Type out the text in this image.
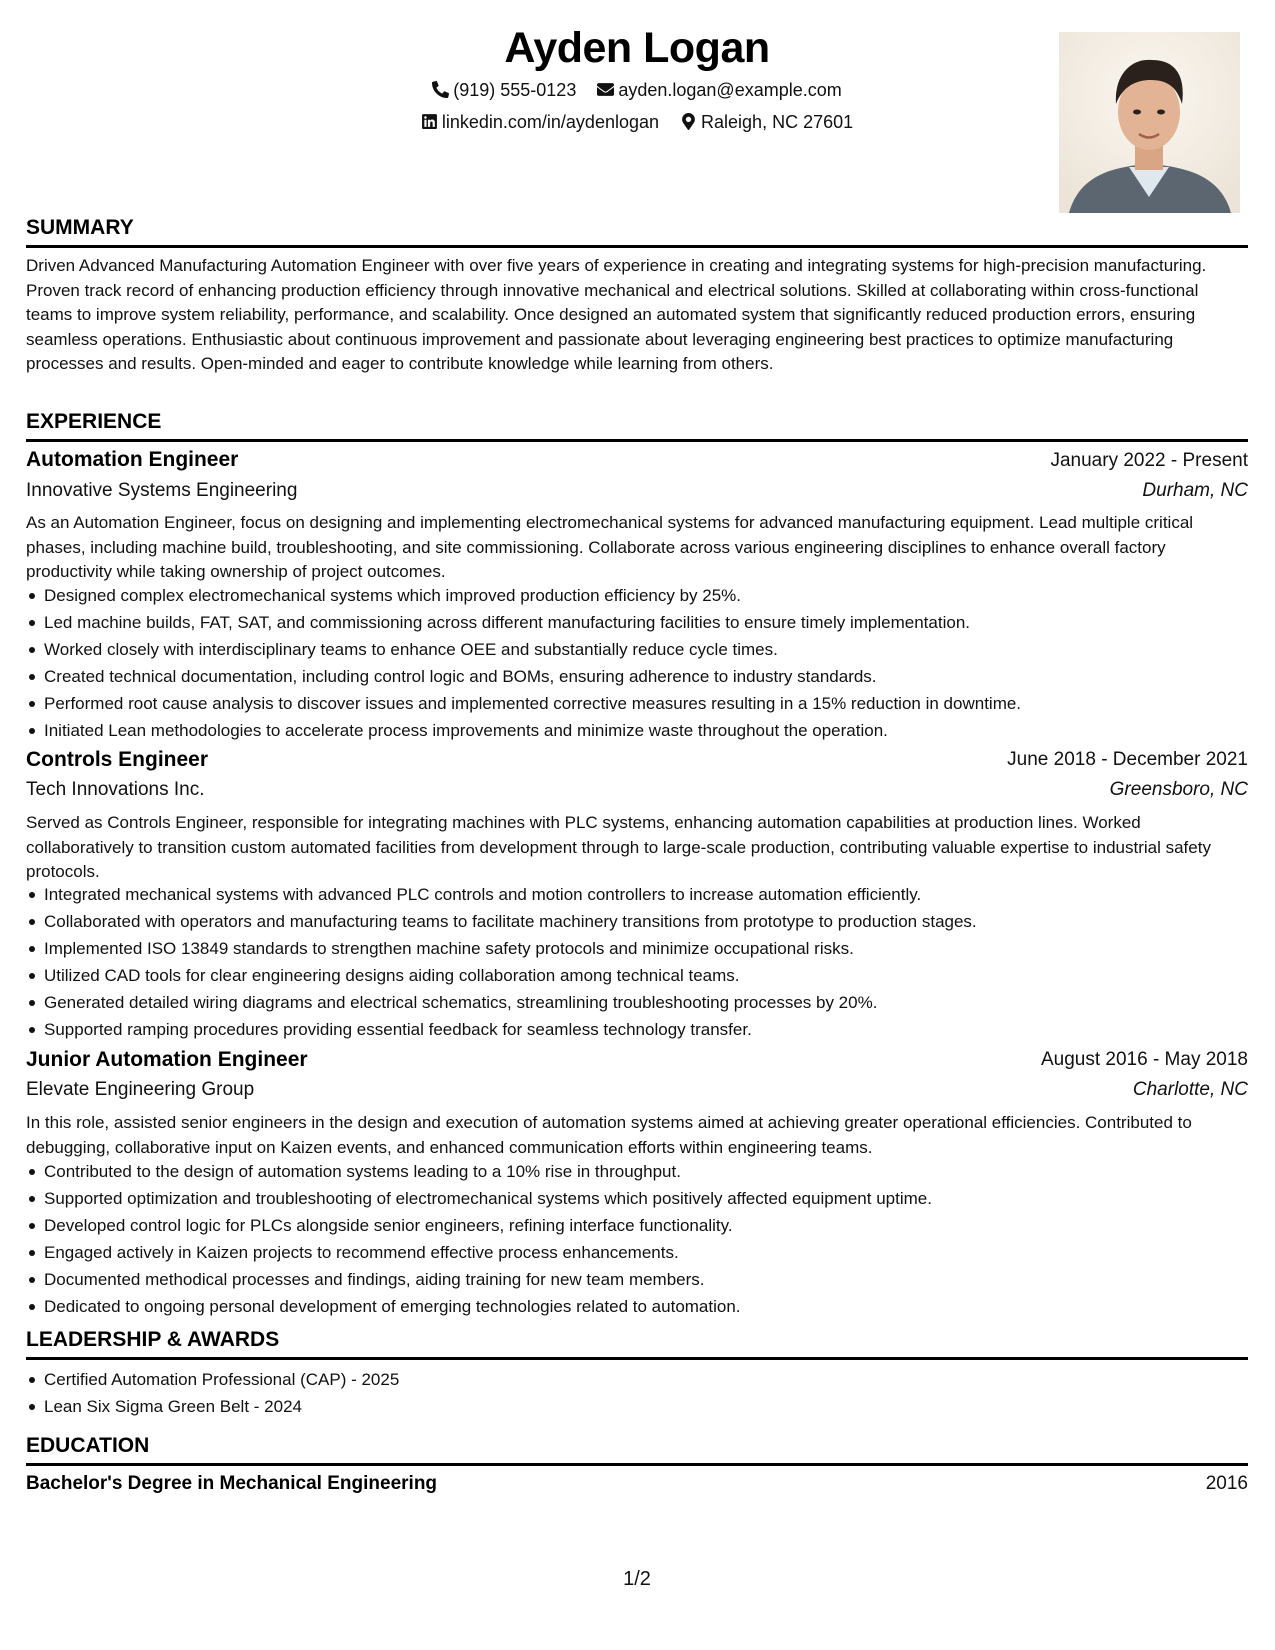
Ayden Logan
(919) 555-0123 ayden.logan@example.com
linkedin.com/in/aydenlogan Raleigh, NC 27601
SUMMARY
Driven Advanced Manufacturing Automation Engineer with over five years of experience in creating and integrating systems for high-precision manufacturing. Proven track record of enhancing production efficiency through innovative mechanical and electrical solutions. Skilled at collaborating within cross-functional teams to improve system reliability, performance, and scalability. Once designed an automated system that significantly reduced production errors, ensuring seamless operations. Enthusiastic about continuous improvement and passionate about leveraging engineering best practices to optimize manufacturing processes and results. Open-minded and eager to contribute knowledge while learning from others.
EXPERIENCE
Automation Engineer	January 2022 - Present
Innovative Systems Engineering	Durham, NC
As an Automation Engineer, focus on designing and implementing electromechanical systems for advanced manufacturing equipment. Lead multiple critical phases, including machine build, troubleshooting, and site commissioning. Collaborate across various engineering disciplines to enhance overall factory productivity while taking ownership of project outcomes.
Designed complex electromechanical systems which improved production efficiency by 25%.
Led machine builds, FAT, SAT, and commissioning across different manufacturing facilities to ensure timely implementation.
Worked closely with interdisciplinary teams to enhance OEE and substantially reduce cycle times.
Created technical documentation, including control logic and BOMs, ensuring adherence to industry standards.
Performed root cause analysis to discover issues and implemented corrective measures resulting in a 15% reduction in downtime.
Initiated Lean methodologies to accelerate process improvements and minimize waste throughout the operation.
Controls Engineer	June 2018 - December 2021
Tech Innovations Inc.	Greensboro, NC
Served as Controls Engineer, responsible for integrating machines with PLC systems, enhancing automation capabilities at production lines. Worked collaboratively to transition custom automated facilities from development through to large-scale production, contributing valuable expertise to industrial safety protocols.
Integrated mechanical systems with advanced PLC controls and motion controllers to increase automation efficiently.
Collaborated with operators and manufacturing teams to facilitate machinery transitions from prototype to production stages.
Implemented ISO 13849 standards to strengthen machine safety protocols and minimize occupational risks.
Utilized CAD tools for clear engineering designs aiding collaboration among technical teams.
Generated detailed wiring diagrams and electrical schematics, streamlining troubleshooting processes by 20%.
Supported ramping procedures providing essential feedback for seamless technology transfer.
Junior Automation Engineer	August 2016 - May 2018
Elevate Engineering Group	Charlotte, NC
In this role, assisted senior engineers in the design and execution of automation systems aimed at achieving greater operational efficiencies. Contributed to debugging, collaborative input on Kaizen events, and enhanced communication efforts within engineering teams.
Contributed to the design of automation systems leading to a 10% rise in throughput.
Supported optimization and troubleshooting of electromechanical systems which positively affected equipment uptime.
Developed control logic for PLCs alongside senior engineers, refining interface functionality.
Engaged actively in Kaizen projects to recommend effective process enhancements.
Documented methodical processes and findings, aiding training for new team members.
Dedicated to ongoing personal development of emerging technologies related to automation.
LEADERSHIP & AWARDS
Certified Automation Professional (CAP) - 2025
Lean Six Sigma Green Belt - 2024
EDUCATION
Bachelor's Degree in Mechanical Engineering	2016
1/2
